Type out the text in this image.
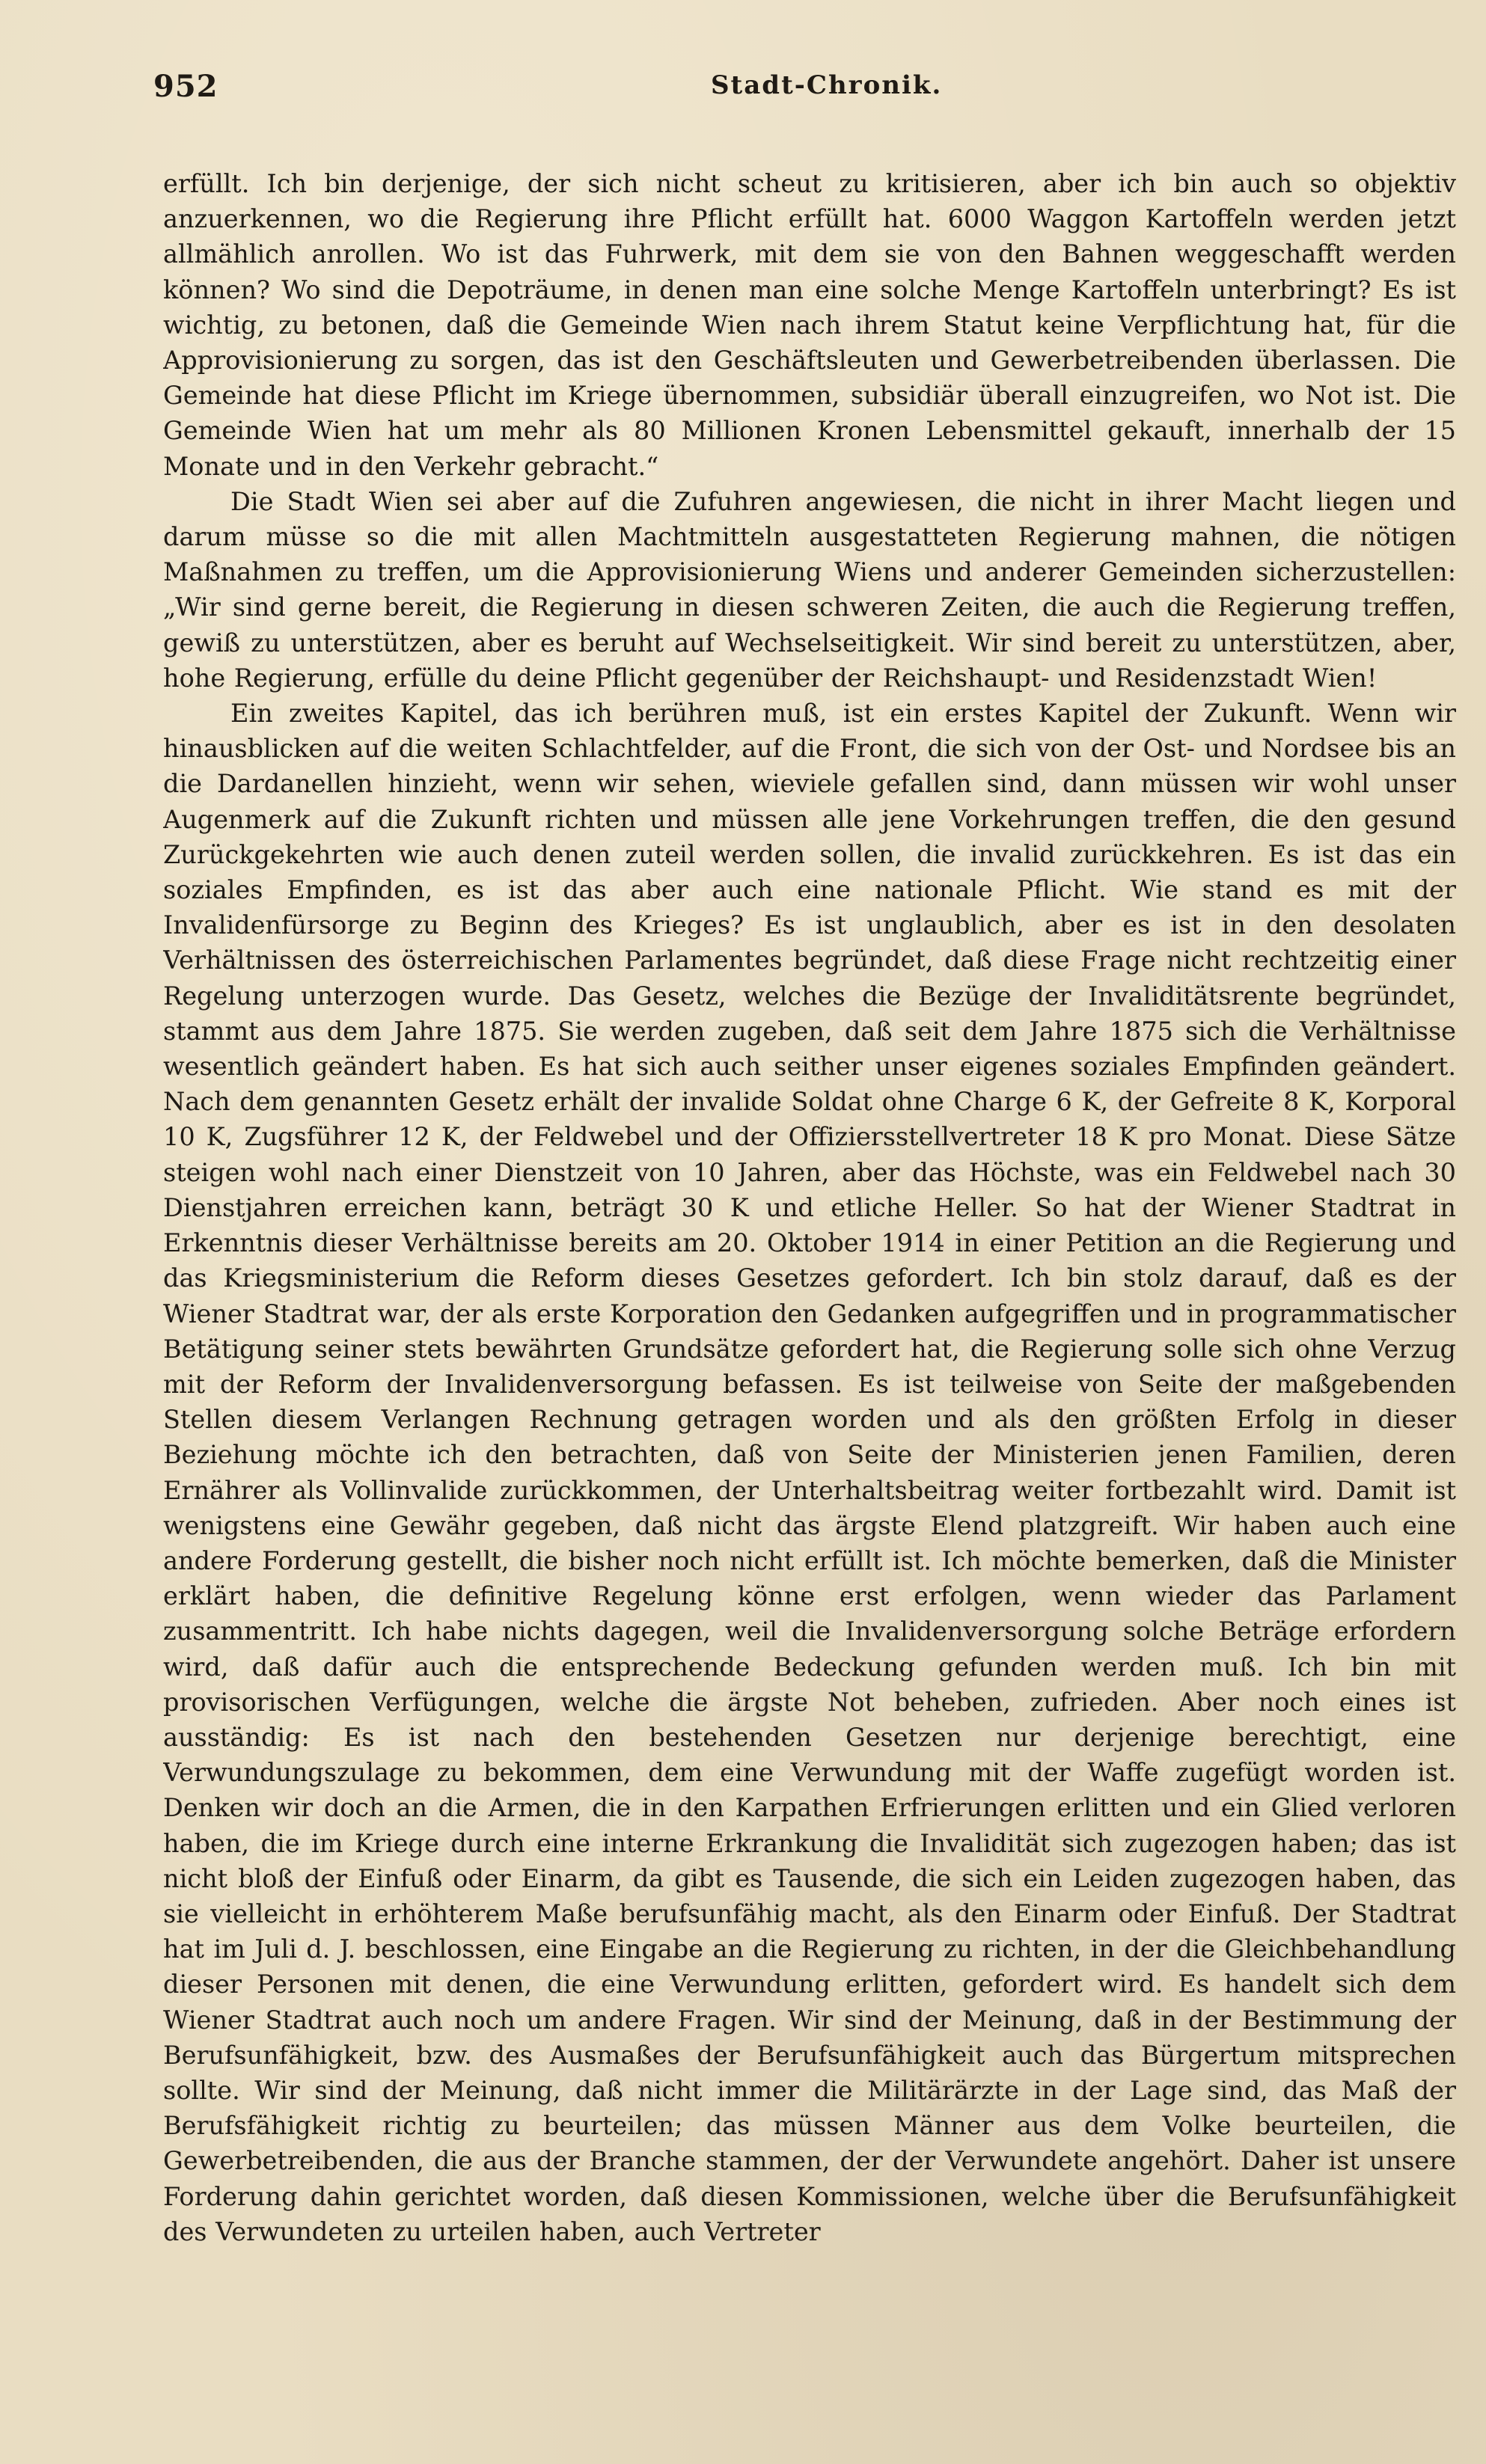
952	Stadt-Chronik.

erfüllt. Ich bin derjenige, der sich nicht scheut zu kritisieren, aber ich bin auch so objektiv anzuerkennen, wo die Regierung ihre Pflicht erfüllt hat. 6000 Waggon Kartoffeln werden jetzt allmählich anrollen. Wo ist das Fuhrwerk, mit dem sie von den Bahnen weggeschafft werden können? Wo sind die Depoträume, in denen man eine solche Menge Kartoffeln unterbringt? Es ist wichtig, zu betonen, daß die Gemeinde Wien nach ihrem Statut keine Verpflichtung hat, für die Approvisionierung zu sorgen, das ist den Geschäftsleuten und Gewerbetreibenden überlassen. Die Gemeinde hat diese Pflicht im Kriege übernommen, subsidiär überall einzugreifen, wo Not ist. Die Gemeinde Wien hat um mehr als 80 Millionen Kronen Lebensmittel gekauft, innerhalb der 15 Monate und in den Verkehr gebracht.“

Die Stadt Wien sei aber auf die Zufuhren angewiesen, die nicht in ihrer Macht liegen und darum müsse so die mit allen Machtmitteln ausgestatteten Regierung mahnen, die nötigen Maßnahmen zu treffen, um die Approvisionierung Wiens und anderer Gemeinden sicherzustellen: „Wir sind gerne bereit, die Regierung in diesen schweren Zeiten, die auch die Regierung treffen, gewiß zu unterstützen, aber es beruht auf Wechselseitigkeit. Wir sind bereit zu unterstützen, aber, hohe Regierung, erfülle du deine Pflicht gegenüber der Reichshaupt- und Residenzstadt Wien!

Ein zweites Kapitel, das ich berühren muß, ist ein erstes Kapitel der Zukunft. Wenn wir hinausblicken auf die weiten Schlachtfelder, auf die Front, die sich von der Ost- und Nordsee bis an die Dardanellen hinzieht, wenn wir sehen, wieviele gefallen sind, dann müssen wir wohl unser Augenmerk auf die Zukunft richten und müssen alle jene Vorkehrungen treffen, die den gesund Zurückgekehrten wie auch denen zuteil werden sollen, die invalid zurückkehren. Es ist das ein soziales Empfinden, es ist das aber auch eine nationale Pflicht. Wie stand es mit der Invalidenfürsorge zu Beginn des Krieges? Es ist unglaublich, aber es ist in den desolaten Verhältnissen des österreichischen Parlamentes begründet, daß diese Frage nicht rechtzeitig einer Regelung unterzogen wurde. Das Gesetz, welches die Bezüge der Invaliditätsrente begründet, stammt aus dem Jahre 1875. Sie werden zugeben, daß seit dem Jahre 1875 sich die Verhältnisse wesentlich geändert haben. Es hat sich auch seither unser eigenes soziales Empfinden geändert. Nach dem genannten Gesetz erhält der invalide Soldat ohne Charge 6 K, der Gefreite 8 K, Korporal 10 K, Zugsführer 12 K, der Feldwebel und der Offiziersstellvertreter 18 K pro Monat. Diese Sätze steigen wohl nach einer Dienstzeit von 10 Jahren, aber das Höchste, was ein Feldwebel nach 30 Dienstjahren erreichen kann, beträgt 30 K und etliche Heller. So hat der Wiener Stadtrat in Erkenntnis dieser Verhältnisse bereits am 20. Oktober 1914 in einer Petition an die Regierung und das Kriegsministerium die Reform dieses Gesetzes gefordert. Ich bin stolz darauf, daß es der Wiener Stadtrat war, der als erste Korporation den Gedanken aufgegriffen und in programmatischer Betätigung seiner stets bewährten Grundsätze gefordert hat, die Regierung solle sich ohne Verzug mit der Reform der Invalidenversorgung befassen. Es ist teilweise von Seite der maßgebenden Stellen diesem Verlangen Rechnung getragen worden und als den größten Erfolg in dieser Beziehung möchte ich den betrachten, daß von Seite der Ministerien jenen Familien, deren Ernährer als Vollinvalide zurückkommen, der Unterhaltsbeitrag weiter fortbezahlt wird. Damit ist wenigstens eine Gewähr gegeben, daß nicht das ärgste Elend platzgreift. Wir haben auch eine andere Forderung gestellt, die bisher noch nicht erfüllt ist. Ich möchte bemerken, daß die Minister erklärt haben, die definitive Regelung könne erst erfolgen, wenn wieder das Parlament zusammentritt. Ich habe nichts dagegen, weil die Invalidenversorgung solche Beträge erfordern wird, daß dafür auch die entsprechende Bedeckung gefunden werden muß. Ich bin mit provisorischen Verfügungen, welche die ärgste Not beheben, zufrieden. Aber noch eines ist ausständig: Es ist nach den bestehenden Gesetzen nur derjenige berechtigt, eine Verwundungszulage zu bekommen, dem eine Verwundung mit der Waffe zugefügt worden ist. Denken wir doch an die Armen, die in den Karpathen Erfrierungen erlitten und ein Glied verloren haben, die im Kriege durch eine interne Erkrankung die Invalidität sich zugezogen haben; das ist nicht bloß der Einfuß oder Einarm, da gibt es Tausende, die sich ein Leiden zugezogen haben, das sie vielleicht in erhöhterem Maße berufsunfähig macht, als den Einarm oder Einfuß. Der Stadtrat hat im Juli d. J. beschlossen, eine Eingabe an die Regierung zu richten, in der die Gleichbehandlung dieser Personen mit denen, die eine Verwundung erlitten, gefordert wird. Es handelt sich dem Wiener Stadtrat auch noch um andere Fragen. Wir sind der Meinung, daß in der Bestimmung der Berufsunfähigkeit, bzw. des Ausmaßes der Berufsunfähigkeit auch das Bürgertum mitsprechen sollte. Wir sind der Meinung, daß nicht immer die Militärärzte in der Lage sind, das Maß der Berufsfähigkeit richtig zu beurteilen; das müssen Männer aus dem Volke beurteilen, die Gewerbetreibenden, die aus der Branche stammen, der der Verwundete angehört. Daher ist unsere Forderung dahin gerichtet worden, daß diesen Kommissionen, welche über die Berufsunfähigkeit des Verwundeten zu urteilen haben, auch Vertreter
